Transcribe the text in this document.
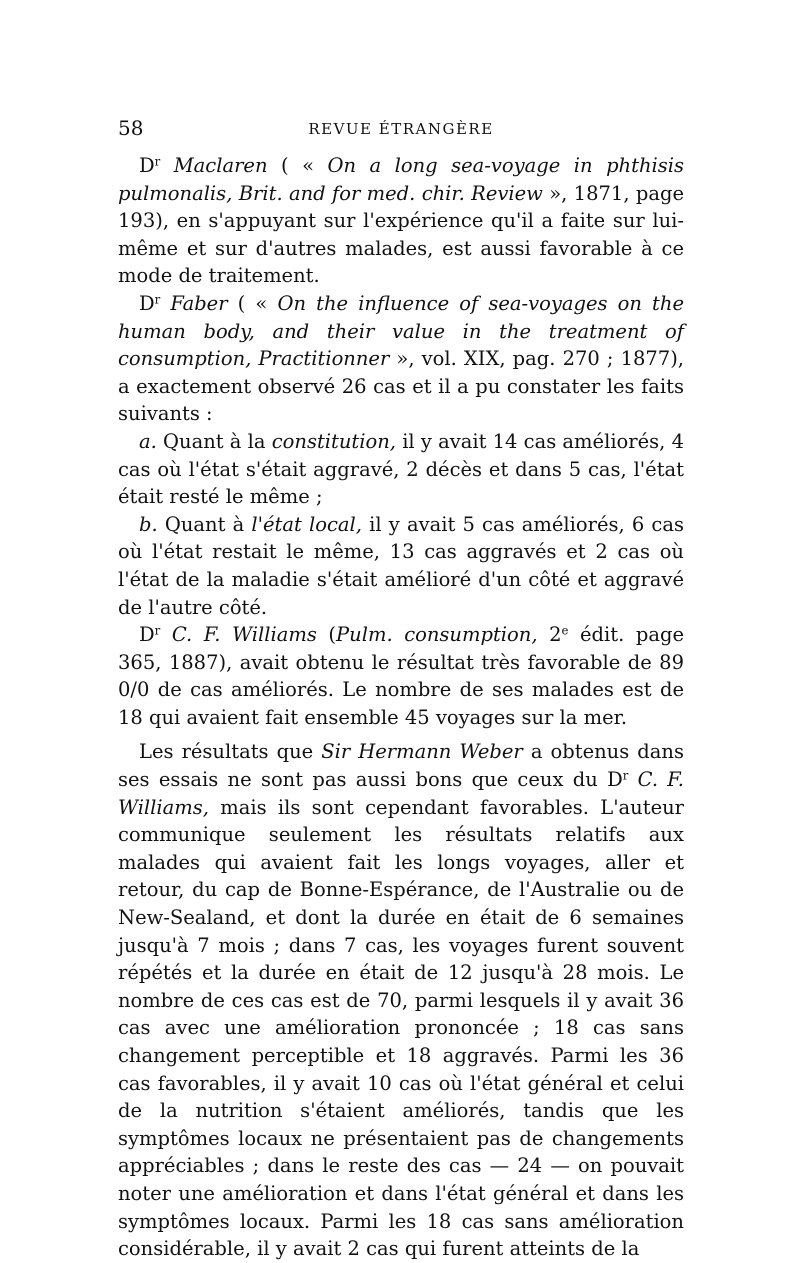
58	REVUE ÉTRANGÈRE

$D^r$ Maclaren ( « On a long sea-voyage in phthisis pulmonalis, Brit. and for med. chir. Review », 1871, page 193), en s'appuyant sur l'expérience qu'il a faite sur lui-même et sur d'autres malades, est aussi favorable à ce mode de traitement.

$D^r$ Faber ( « On the influence of sea-voyages on the human body, and their value in the treatment of consumption, Practitionner », vol. XIX, pag. 270 ; 1877), a exactement observé 26 cas et il a pu constater les faits suivants :

a. Quant à la constitution, il y avait 14 cas améliorés, 4 cas où l'état s'était aggravé, 2 décès et dans 5 cas, l'état était resté le même ;

b. Quant à l'état local, il y avait 5 cas améliorés, 6 cas où l'état restait le même, 13 cas aggravés et 2 cas où l'état de la maladie s'était amélioré d'un côté et aggravé de l'autre côté.

$D^r$ C. F. Williams (Pulm. consumption, 2e édit. page 365, 1887), avait obtenu le résultat très favorable de 89 0/0 de cas améliorés. Le nombre de ses malades est de 18 qui avaient fait ensemble 45 voyages sur la mer.

Les résultats que Sir Hermann Weber a obtenus dans ses essais ne sont pas aussi bons que ceux du $D^r$ C. F. Williams, mais ils sont cependant favorables. L'auteur communique seulement les résultats relatifs aux malades qui avaient fait les longs voyages, aller et retour, du cap de Bonne-Espérance, de l'Australie ou de New-Sealand, et dont la durée en était de 6 semaines jusqu'à 7 mois ; dans 7 cas, les voyages furent souvent répétés et la durée en était de 12 jusqu'à 28 mois. Le nombre de ces cas est de 70, parmi lesquels il y avait 36 cas avec une amélioration prononcée ; 18 cas sans changement perceptible et 18 aggravés. Parmi les 36 cas favorables, il y avait 10 cas où l'état général et celui de la nutrition s'étaient améliorés, tandis que les symptômes locaux ne présentaient pas de changements appréciables ; dans le reste des cas — 24 — on pouvait noter une amélioration et dans l'état général et dans les symptômes locaux. Parmi les 18 cas sans amélioration considérable, il y avait 2 cas qui furent atteints de la
